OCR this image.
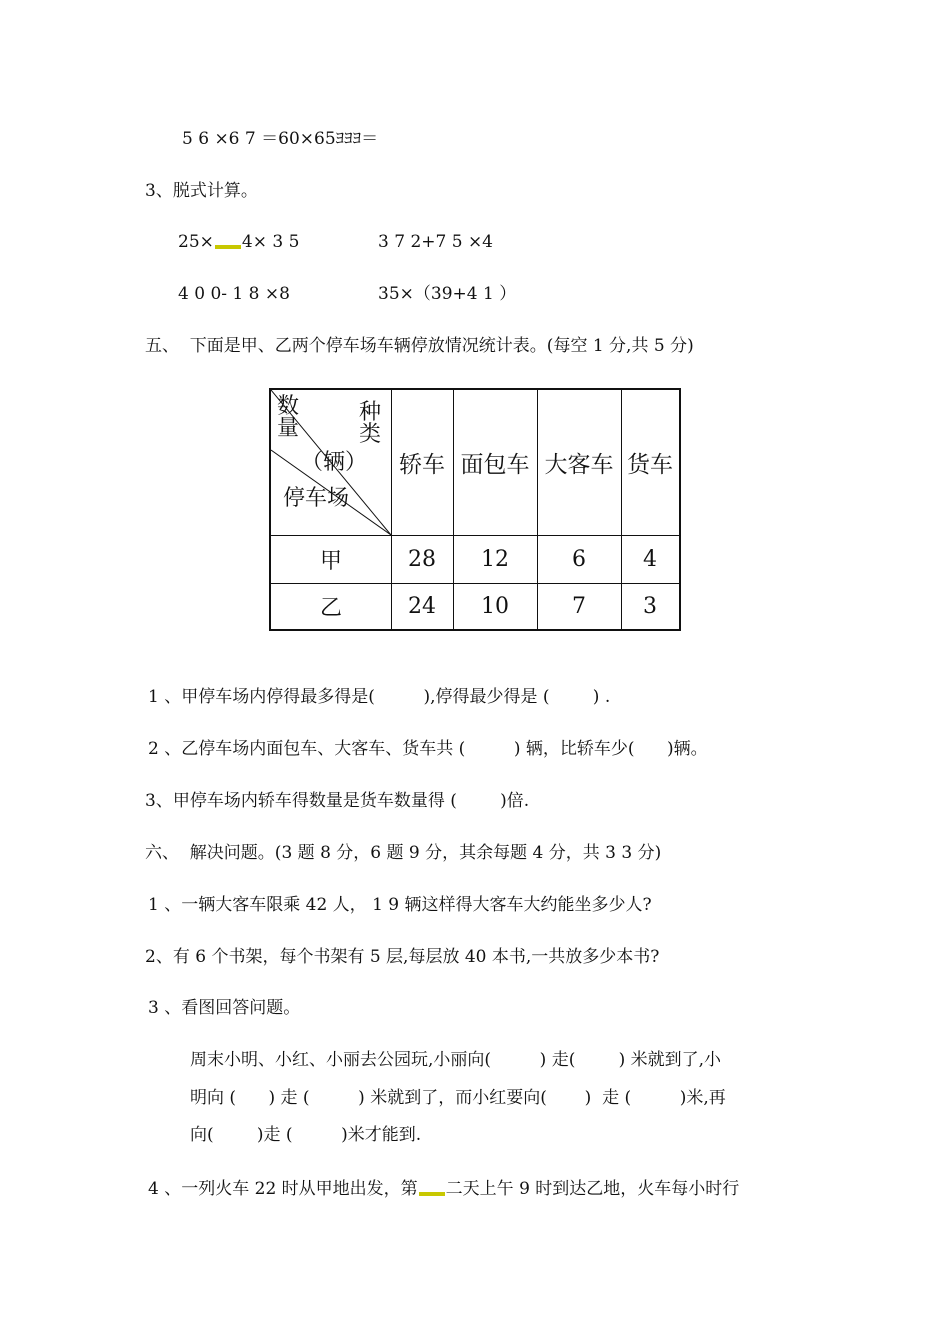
5 6 ×6 7 ＝60×65ﾖﾖﾖ＝
3、脱式计算。
25× 4× 3 5	3 7 2+7 5 ×4
4 0 0- 1 8 ×8	35×（39+4 1 ）
五、  下面是甲、乙两个停车场车辆停放情况统计表。(每空 1 分,共 5 分)
数量
种类
（辆）
停车场
轿车 面包车 大客车 货车
甲	28	12	6	4
乙	24	10	7	3
1 、甲停车场内停得最多得是(         ),停得最少得是 (        ) .
2 、乙停车场内面包车、大客车、货车共 (         ) 辆，比轿车少(      )辆。
3、甲停车场内轿车得数量是货车数量得 (        )倍.
六、  解决问题。(3 题 8 分，6 题 9 分，其余每题 4 分，共 3 3 分)
1 、一辆大客车限乘 42 人， 1 9 辆这样得大客车大约能坐多少人?
2、有 6 个书架，每个书架有 5 层,每层放 40 本书,一共放多少本书?
3 、看图回答问题。
周末小明、小红、小丽去公园玩,小丽向(         ) 走(        ) 米就到了,小
明向 (      ) 走 (         ) 米就到了，而小红要向(       )  走 (         )米,再
向(        )走 (         )米才能到.
4 、一列火车 22 时从甲地出发，第 二天上午 9 时到达乙地，火车每小时行
